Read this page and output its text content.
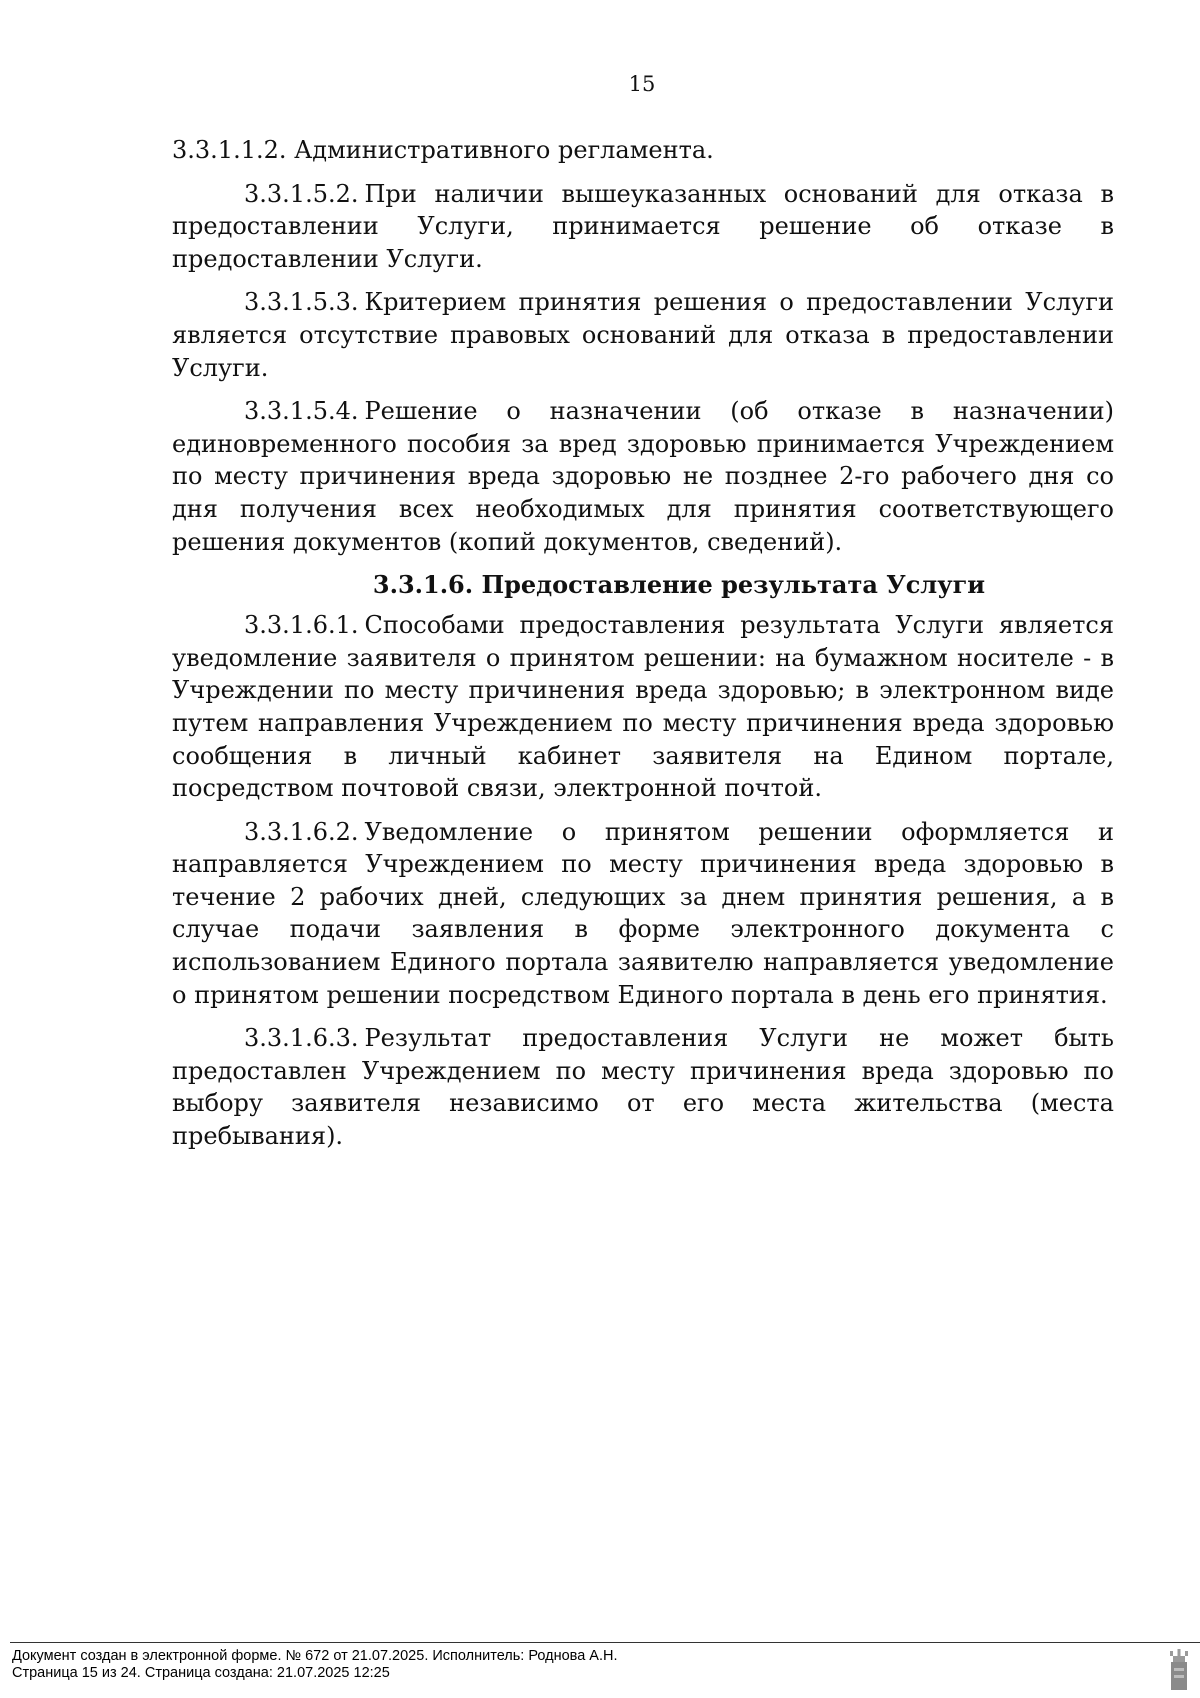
15

3.3.1.1.2. Административного регламента.

3.3.1.5.2. При наличии вышеуказанных оснований для отказа в предоставлении Услуги, принимается решение об отказе в предоставлении Услуги.

3.3.1.5.3. Критерием принятия решения о предоставлении Услуги является отсутствие правовых оснований для отказа в предоставлении Услуги.

3.3.1.5.4. Решение о назначении (об отказе в назначении) единовременного пособия за вред здоровью принимается Учреждением по месту причинения вреда здоровью не позднее 2-го рабочего дня со дня получения всех необходимых для принятия соответствующего решения документов (копий документов, сведений).

3.3.1.6. Предоставление результата Услуги

3.3.1.6.1. Способами предоставления результата Услуги является уведомление заявителя о принятом решении: на бумажном носителе - в Учреждении по месту причинения вреда здоровью; в электронном виде путем направления Учреждением по месту причинения вреда здоровью сообщения в личный кабинет заявителя на Едином портале, посредством почтовой связи, электронной почтой.

3.3.1.6.2. Уведомление о принятом решении оформляется и направляется Учреждением по месту причинения вреда здоровью в течение 2 рабочих дней, следующих за днем принятия решения, а в случае подачи заявления в форме электронного документа с использованием Единого портала заявителю направляется уведомление о принятом решении посредством Единого портала в день его принятия.

3.3.1.6.3. Результат предоставления Услуги не может быть предоставлен Учреждением по месту причинения вреда здоровью по выбору заявителя независимо от его места жительства (места пребывания).

Документ создан в электронной форме. № 672 от 21.07.2025. Исполнитель: Роднова А.Н.
Страница 15 из 24. Страница создана: 21.07.2025 12:25
